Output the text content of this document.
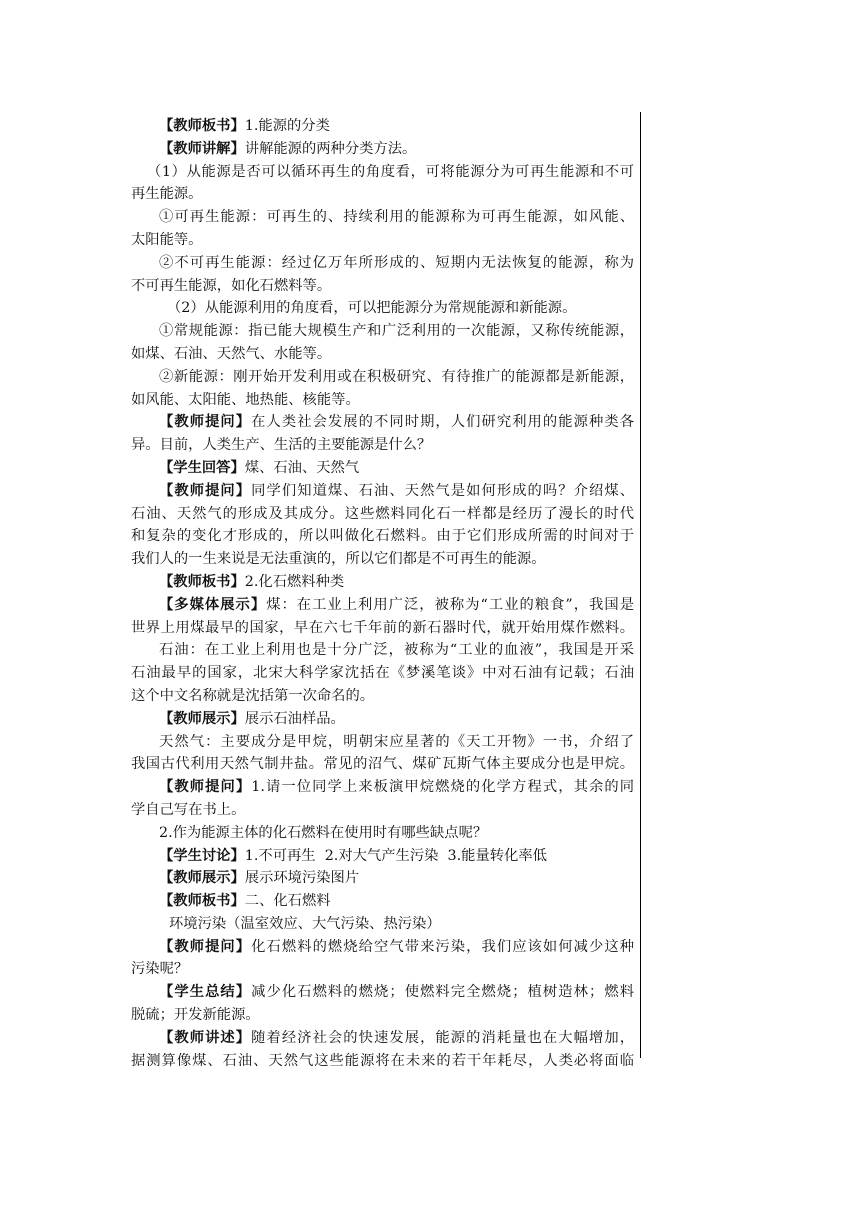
【教师板书】1.能源的分类
【教师讲解】讲解能源的两种分类方法。
（1）从能源是否可以循环再生的角度看，可将能源分为可再生能源和不可
再生能源。
①可再生能源：可再生的、持续利用的能源称为可再生能源，如风能、
太阳能等。
②不可再生能源：经过亿万年所形成的、短期内无法恢复的能源，称为
不可再生能源，如化石燃料等。
（2）从能源利用的角度看，可以把能源分为常规能源和新能源。
①常规能源：指已能大规模生产和广泛利用的一次能源，又称传统能源，
如煤、石油、天然气、水能等。
②新能源：刚开始开发利用或在积极研究、有待推广的能源都是新能源，
如风能、太阳能、地热能、核能等。
【教师提问】在人类社会发展的不同时期，人们研究利用的能源种类各
异。目前，人类生产、生活的主要能源是什么？
【学生回答】煤、石油、天然气
【教师提问】同学们知道煤、石油、天然气是如何形成的吗？介绍煤、
石油、天然气的形成及其成分。这些燃料同化石一样都是经历了漫长的时代
和复杂的变化才形成的，所以叫做化石燃料。由于它们形成所需的时间对于
我们人的一生来说是无法重演的，所以它们都是不可再生的能源。
【教师板书】2.化石燃料种类
【多媒体展示】煤：在工业上利用广泛，被称为“工业的粮食”，我国是
世界上用煤最早的国家，早在六七千年前的新石器时代，就开始用煤作燃料。
石油：在工业上利用也是十分广泛，被称为“工业的血液”，我国是开采
石油最早的国家，北宋大科学家沈括在《梦溪笔谈》中对石油有记载；石油
这个中文名称就是沈括第一次命名的。
【教师展示】展示石油样品。
天然气：主要成分是甲烷，明朝宋应星著的《天工开物》一书，介绍了
我国古代利用天然气制井盐。常见的沼气、煤矿瓦斯气体主要成分也是甲烷。
【教师提问】1.请一位同学上来板演甲烷燃烧的化学方程式，其余的同
学自己写在书上。
2.作为能源主体的化石燃料在使用时有哪些缺点呢？
【学生讨论】1.不可再生  2.对大气产生污染  3.能量转化率低
【教师展示】展示环境污染图片
【教师板书】二、化石燃料
环境污染（温室效应、大气污染、热污染）
【教师提问】化石燃料的燃烧给空气带来污染，我们应该如何减少这种
污染呢？
【学生总结】减少化石燃料的燃烧；使燃料完全燃烧；植树造林；燃料
脱硫；开发新能源。
【教师讲述】随着经济社会的快速发展，能源的消耗量也在大幅增加，
据测算像煤、石油、天然气这些能源将在未来的若干年耗尽，人类必将面临
